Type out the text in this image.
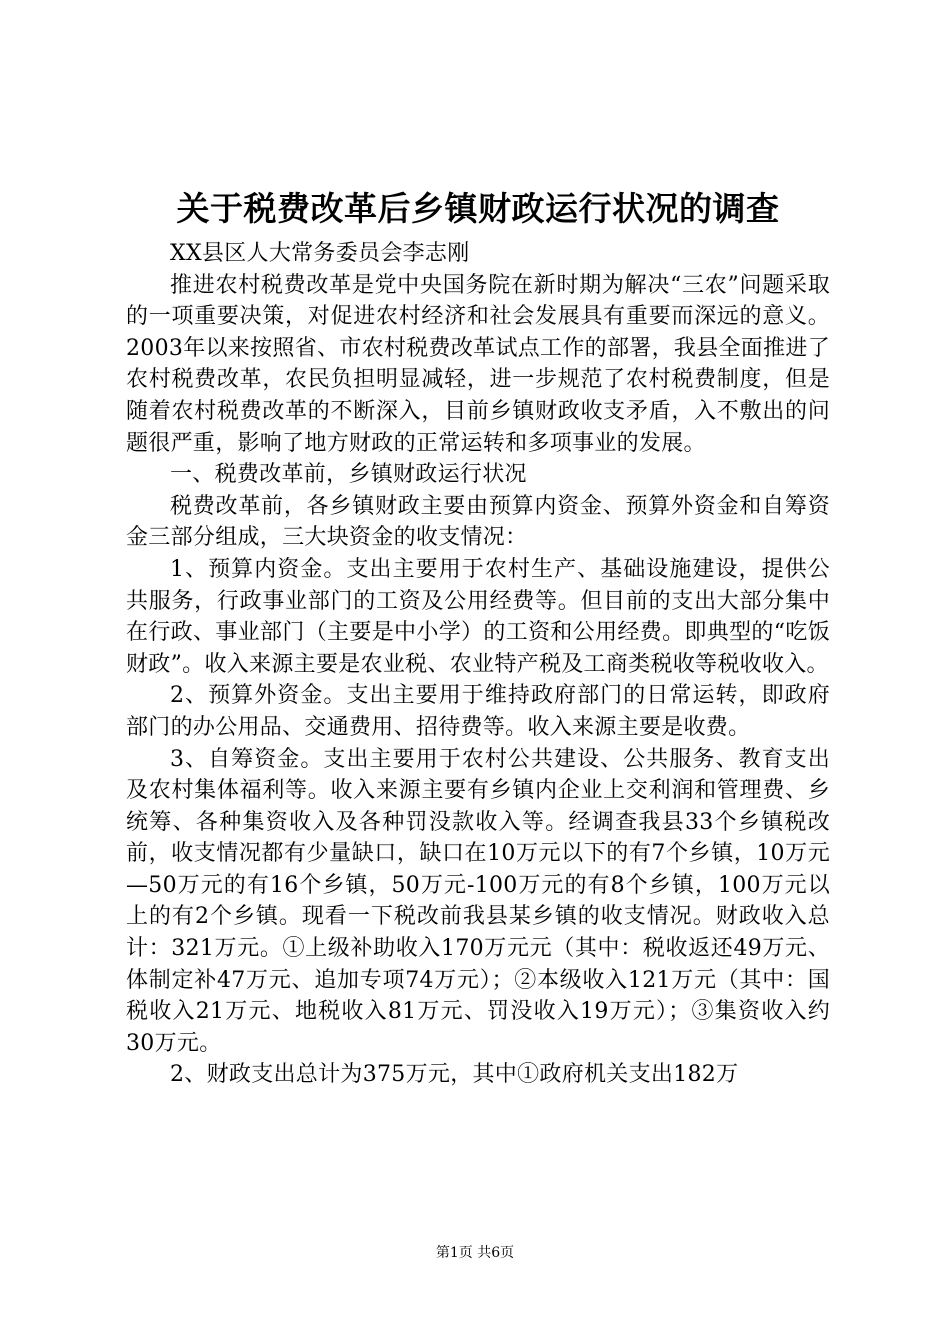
关于税费改革后乡镇财政运行状况的调查

XX县区人大常务委员会李志刚

推进农村税费改革是党中央国务院在新时期为解决“三农”问题采取的一项重要决策，对促进农村经济和社会发展具有重要而深远的意义。2003年以来按照省、市农村税费改革试点工作的部署，我县全面推进了农村税费改革，农民负担明显减轻，进一步规范了农村税费制度，但是随着农村税费改革的不断深入，目前乡镇财政收支矛盾，入不敷出的问题很严重，影响了地方财政的正常运转和多项事业的发展。

一、税费改革前，乡镇财政运行状况

税费改革前，各乡镇财政主要由预算内资金、预算外资金和自筹资金三部分组成，三大块资金的收支情况：

1、预算内资金。支出主要用于农村生产、基础设施建设，提供公共服务，行政事业部门的工资及公用经费等。但目前的支出大部分集中在行政、事业部门（主要是中小学）的工资和公用经费。即典型的“吃饭财政”。收入来源主要是农业税、农业特产税及工商类税收等税收收入。

2、预算外资金。支出主要用于维持政府部门的日常运转，即政府部门的办公用品、交通费用、招待费等。收入来源主要是收费。

3、自筹资金。支出主要用于农村公共建设、公共服务、教育支出及农村集体福利等。收入来源主要有乡镇内企业上交利润和管理费、乡统筹、各种集资收入及各种罚没款收入等。经调查我县33个乡镇税改前，收支情况都有少量缺口，缺口在10万元以下的有7个乡镇，10万元—50万元的有16个乡镇，50万元-100万元的有8个乡镇，100万元以上的有2个乡镇。现看一下税改前我县某乡镇的收支情况。财政收入总计：321万元。①上级补助收入170万元元（其中：税收返还49万元、体制定补47万元、追加专项74万元）；②本级收入121万元（其中：国税收入21万元、地税收入81万元、罚没收入19万元）；③集资收入约30万元。

2、财政支出总计为375万元，其中①政府机关支出182万

第1页 共6页
